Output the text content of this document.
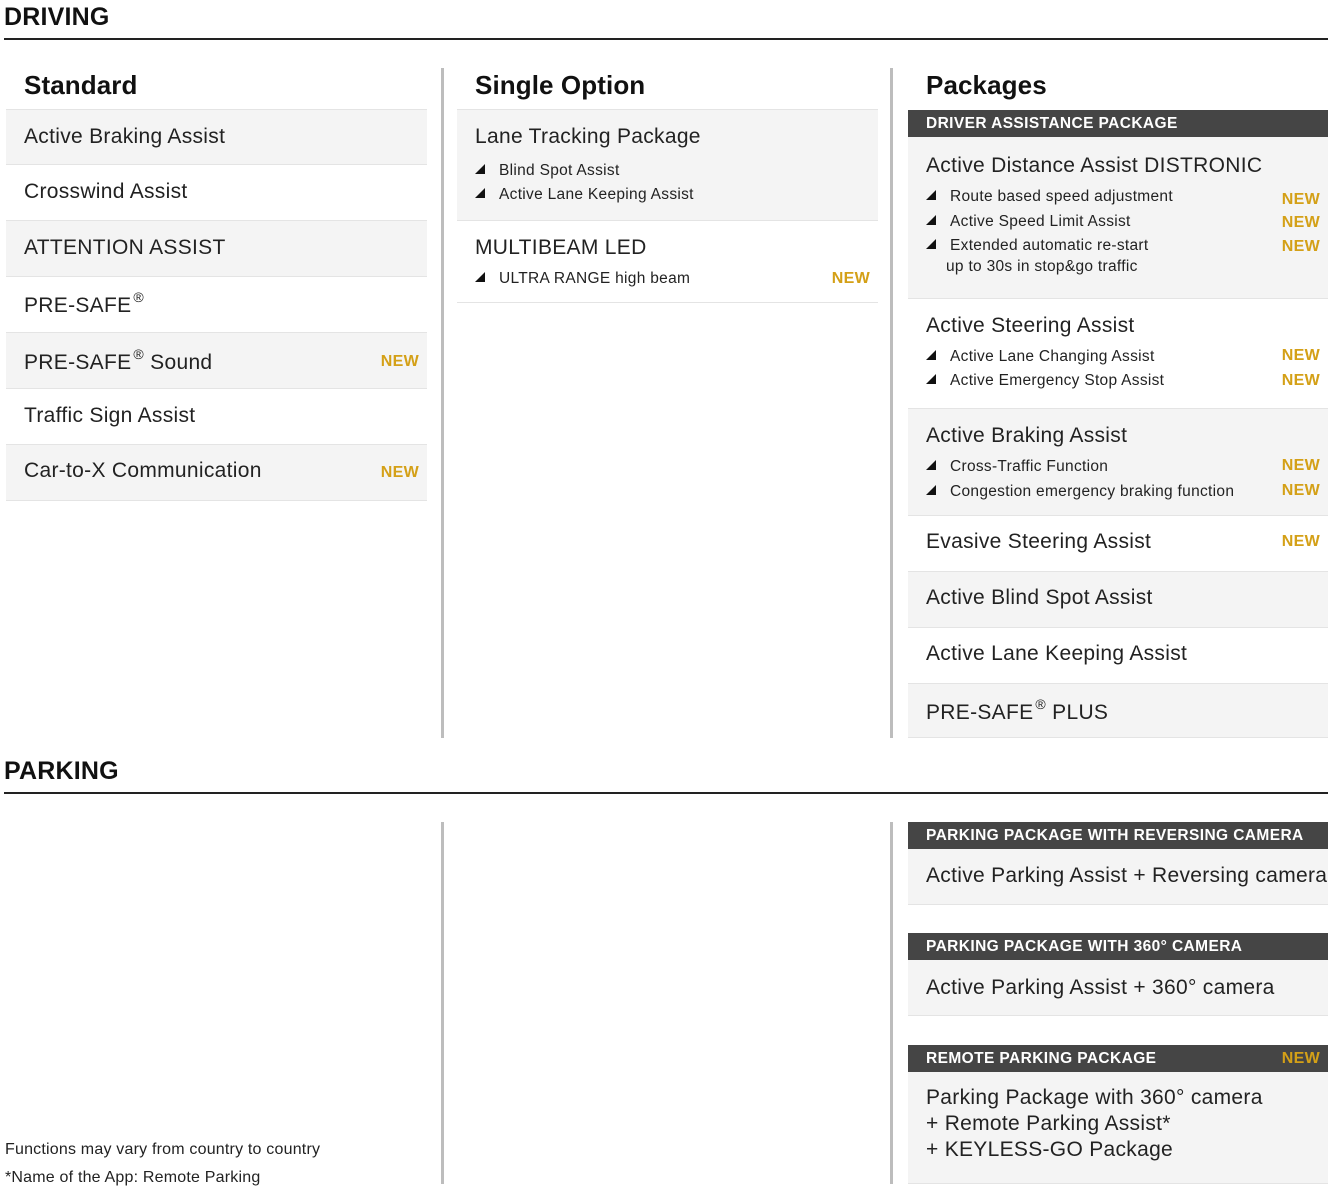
DRIVING
Standard
Active Braking Assist
Crosswind Assist
ATTENTION ASSIST
PRE-SAFE ®
PRE-SAFE ® Sound	NEW
Traffic Sign Assist
Car-to-X Communication	NEW
Single Option
Lane Tracking Package
Blind Spot Assist
Active Lane Keeping Assist
MULTIBEAM LED
ULTRA RANGE high beam	NEW
Packages
DRIVER ASSISTANCE PACKAGE
Active Distance Assist DISTRONIC
Route based speed adjustment	NEW
Active Speed Limit Assist	NEW
Extended automatic re-start	NEW
up to 30s in stop&go traffic
Active Steering Assist
Active Lane Changing Assist	NEW
Active Emergency Stop Assist	NEW
Active Braking Assist
Cross-Traffic Function	NEW
Congestion emergency braking function	NEW
Evasive Steering Assist	NEW
Active Blind Spot Assist
Active Lane Keeping Assist
PRE-SAFE ® PLUS
PARKING
PARKING PACKAGE WITH REVERSING CAMERA
Active Parking Assist + Reversing camera
PARKING PACKAGE WITH 360° CAMERA
Active Parking Assist + 360° camera
REMOTE PARKING PACKAGE	NEW
Parking Package with 360° camera
+ Remote Parking Assist*
+ KEYLESS-GO Package
Functions may vary from country to country
*Name of the App: Remote Parking
